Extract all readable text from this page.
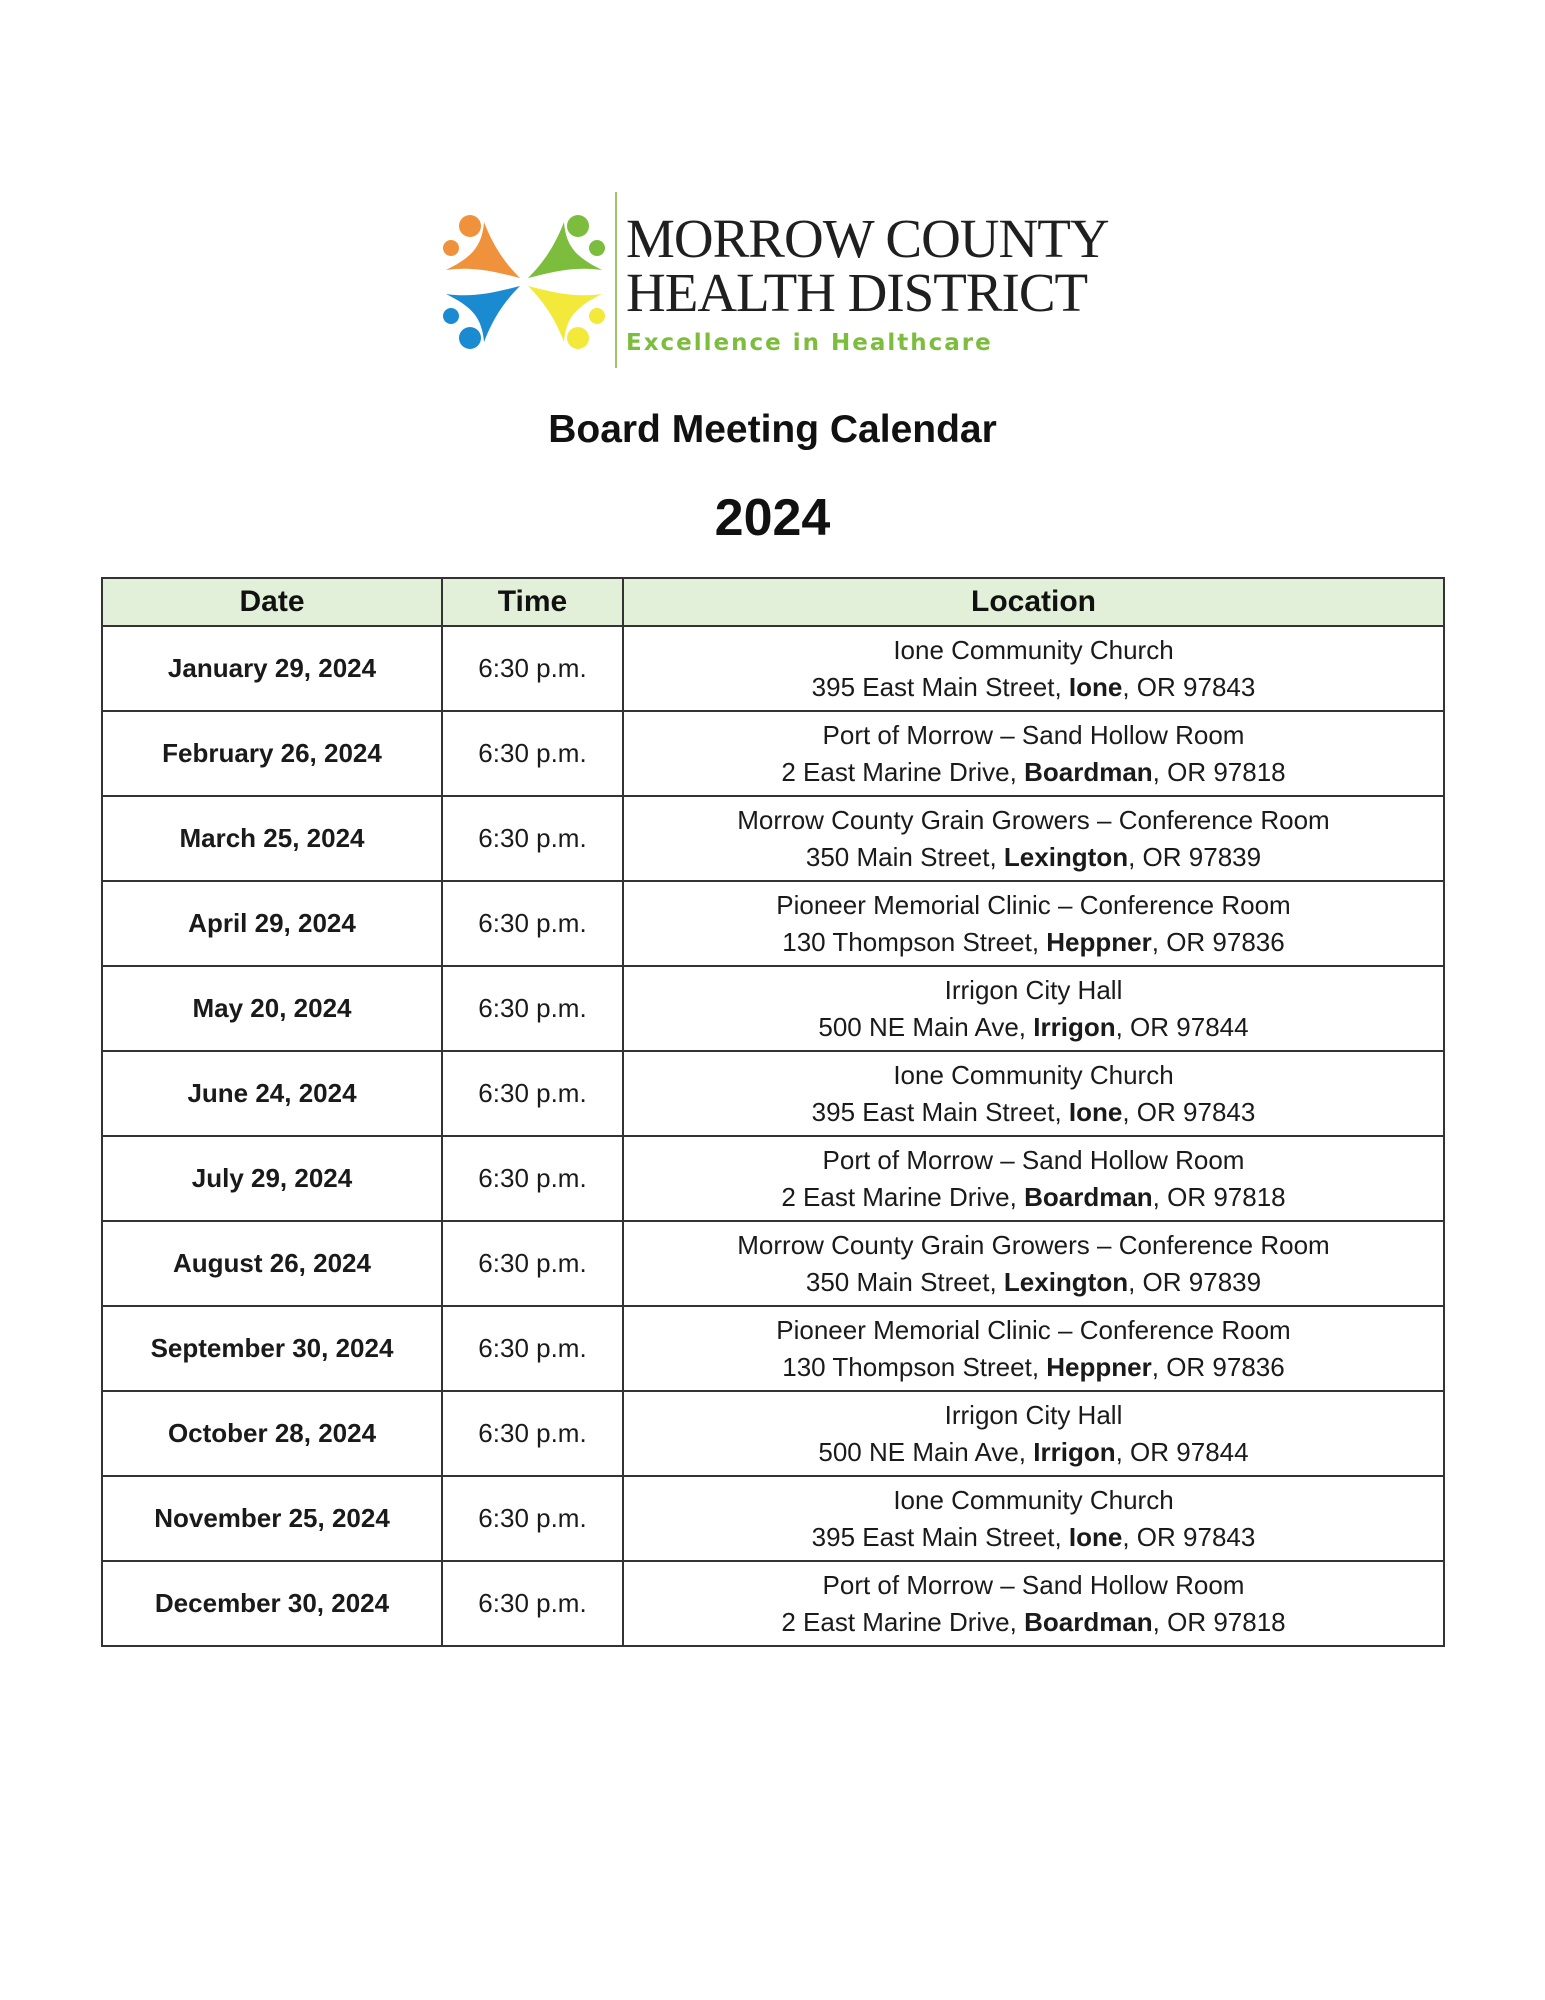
MORROW COUNTY
HEALTH DISTRICT
Excellence in Healthcare
Board Meeting Calendar
2024
Date	Time	Location
January 29, 2024	6:30 p.m.	Ione Community Church
395 East Main Street, Ione, OR 97843

February 26, 2024	6:30 p.m.	Port of Morrow – Sand Hollow Room
2 East Marine Drive, Boardman, OR 97818

March 25, 2024	6:30 p.m.	Morrow County Grain Growers – Conference Room
350 Main Street, Lexington, OR 97839

April 29, 2024	6:30 p.m.	Pioneer Memorial Clinic – Conference Room
130 Thompson Street, Heppner, OR 97836

May 20, 2024	6:30 p.m.	Irrigon City Hall
500 NE Main Ave, Irrigon, OR 97844

June 24, 2024	6:30 p.m.	Ione Community Church
395 East Main Street, Ione, OR 97843

July 29, 2024	6:30 p.m.	Port of Morrow – Sand Hollow Room
2 East Marine Drive, Boardman, OR 97818

August 26, 2024	6:30 p.m.	Morrow County Grain Growers – Conference Room
350 Main Street, Lexington, OR 97839

September 30, 2024	6:30 p.m.	Pioneer Memorial Clinic – Conference Room
130 Thompson Street, Heppner, OR 97836

October 28, 2024	6:30 p.m.	Irrigon City Hall
500 NE Main Ave, Irrigon, OR 97844

November 25, 2024	6:30 p.m.	Ione Community Church
395 East Main Street, Ione, OR 97843

December 30, 2024	6:30 p.m.	Port of Morrow – Sand Hollow Room
2 East Marine Drive, Boardman, OR 97818
